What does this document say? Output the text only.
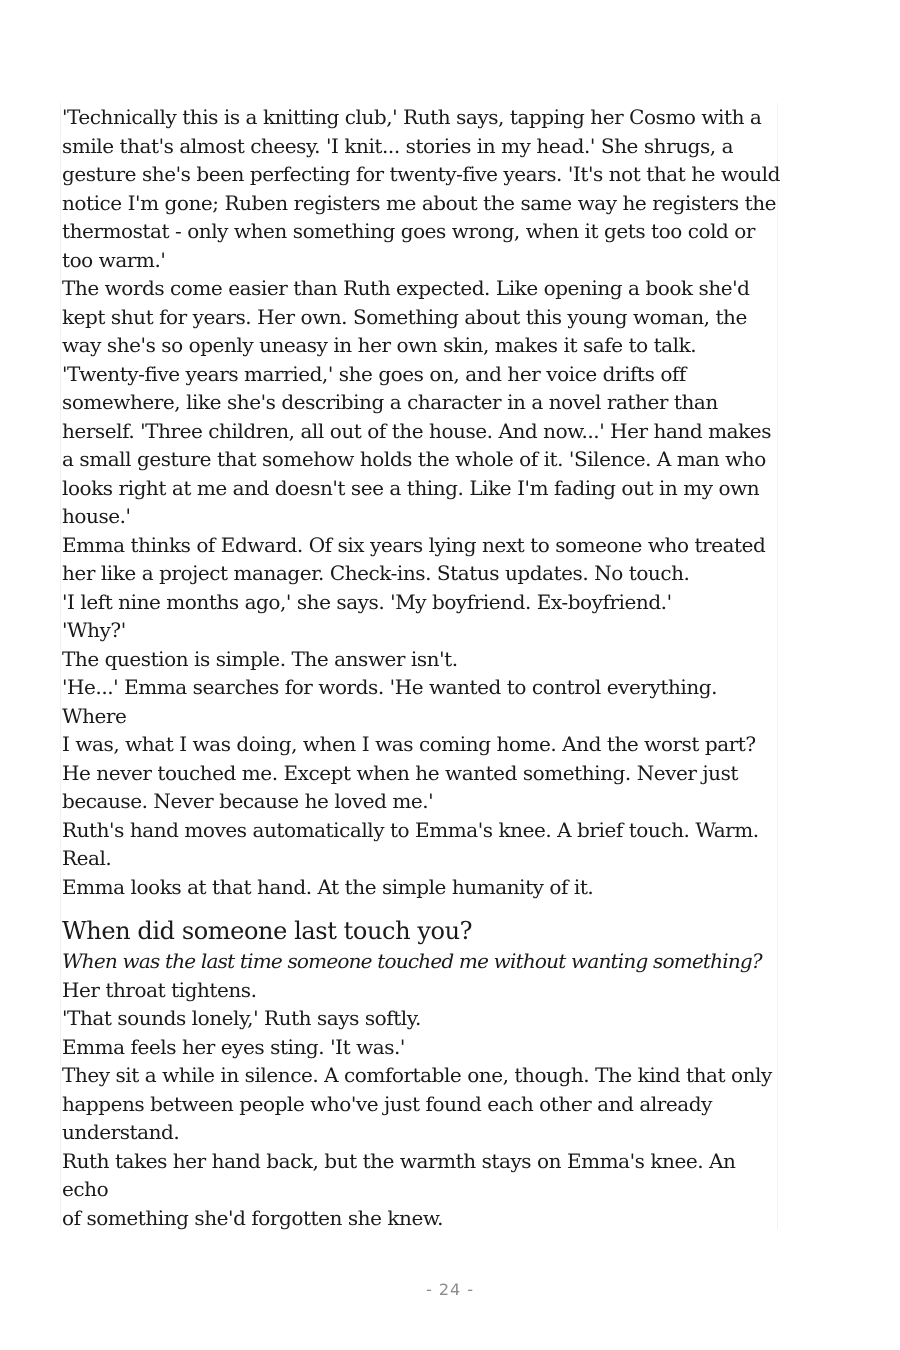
'Technically this is a knitting club,' Ruth says, tapping her Cosmo with a
smile that's almost cheesy. 'I knit... stories in my head.' She shrugs, a
gesture she's been perfecting for twenty-five years. 'It's not that he would
notice I'm gone; Ruben registers me about the same way he registers the
thermostat - only when something goes wrong, when it gets too cold or
too warm.'

The words come easier than Ruth expected. Like opening a book she'd
kept shut for years. Her own. Something about this young woman, the
way she's so openly uneasy in her own skin, makes it safe to talk.

'Twenty-five years married,' she goes on, and her voice drifts off
somewhere, like she's describing a character in a novel rather than
herself. 'Three children, all out of the house. And now...' Her hand makes
a small gesture that somehow holds the whole of it. 'Silence. A man who
looks right at me and doesn't see a thing. Like I'm fading out in my own
house.'

Emma thinks of Edward. Of six years lying next to someone who treated
her like a project manager. Check-ins. Status updates. No touch.

'I left nine months ago,' she says. 'My boyfriend. Ex-boyfriend.'

'Why?'

The question is simple. The answer isn't.

'He...' Emma searches for words. 'He wanted to control everything. Where
I was, what I was doing, when I was coming home. And the worst part?
He never touched me. Except when he wanted something. Never just
because. Never because he loved me.'

Ruth's hand moves automatically to Emma's knee. A brief touch. Warm.
Real.

Emma looks at that hand. At the simple humanity of it.

When did someone last touch you?

When was the last time someone touched me without wanting something?

Her throat tightens.

'That sounds lonely,' Ruth says softly.

Emma feels her eyes sting. 'It was.'

They sit a while in silence. A comfortable one, though. The kind that only
happens between people who've just found each other and already
understand.

Ruth takes her hand back, but the warmth stays on Emma's knee. An echo
of something she'd forgotten she knew.

- 24 -
